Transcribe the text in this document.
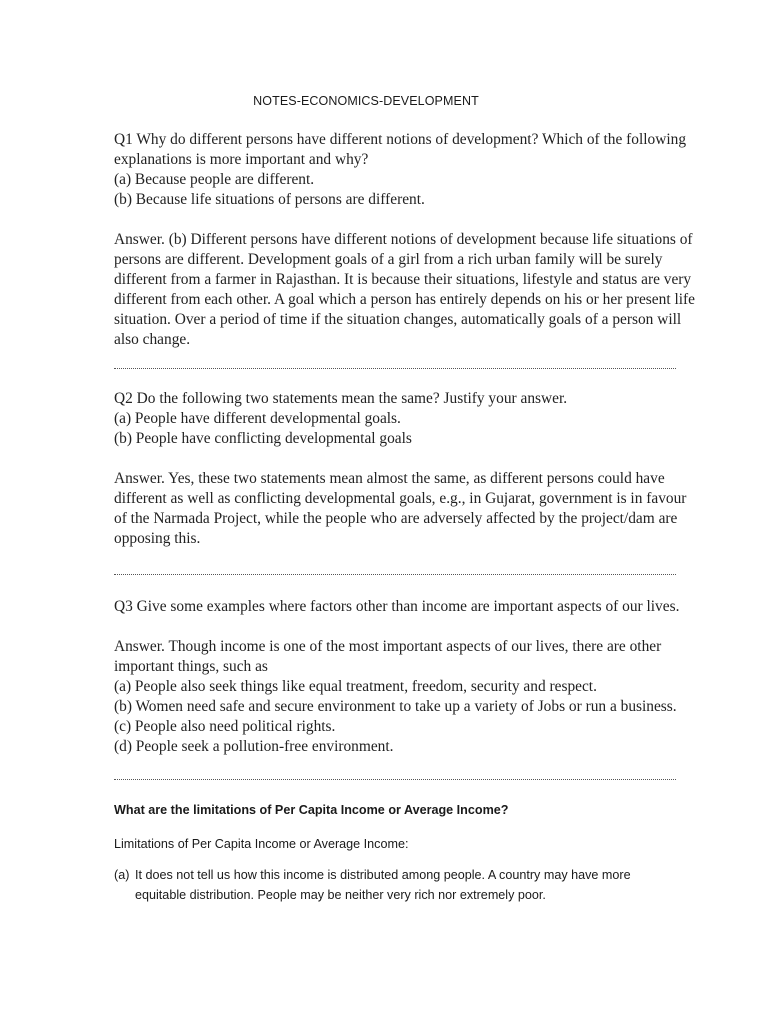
NOTES-ECONOMICS-DEVELOPMENT

Q1 Why do different persons have different notions of development? Which of the following

explanations is more important and why?

(a) Because people are different.

(b) Because life situations of persons are different.

Answer. (b) Different persons have different notions of development because life situations of

persons are different. Development goals of a girl from a rich urban family will be surely

different from a farmer in Rajasthan. It is because their situations, lifestyle and status are very

different from each other. A goal which a person has entirely depends on his or her present life

situation. Over a period of time if the situation changes, automatically goals of a person will

also change.

Q2 Do the following two statements mean the same? Justify your answer.

(a) People have different developmental goals.

(b) People have conflicting developmental goals

Answer. Yes, these two statements mean almost the same, as different persons could have

different as well as conflicting developmental goals, e.g., in Gujarat, government is in favour

of the Narmada Project, while the people who are adversely affected by the project/dam are

opposing this.

Q3 Give some examples where factors other than income are important aspects of our lives.

Answer. Though income is one of the most important aspects of our lives, there are other

important things, such as

(a) People also seek things like equal treatment, freedom, security and respect.

(b) Women need safe and secure environment to take up a variety of Jobs or run a business.

(c) People also need political rights.

(d) People seek a pollution-free environment.

What are the limitations of Per Capita Income or Average Income?
Limitations of Per Capita Income or Average Income:
(a) It does not tell us how this income is distributed among people. A country may have more
equitable distribution. People may be neither very rich nor extremely poor.
